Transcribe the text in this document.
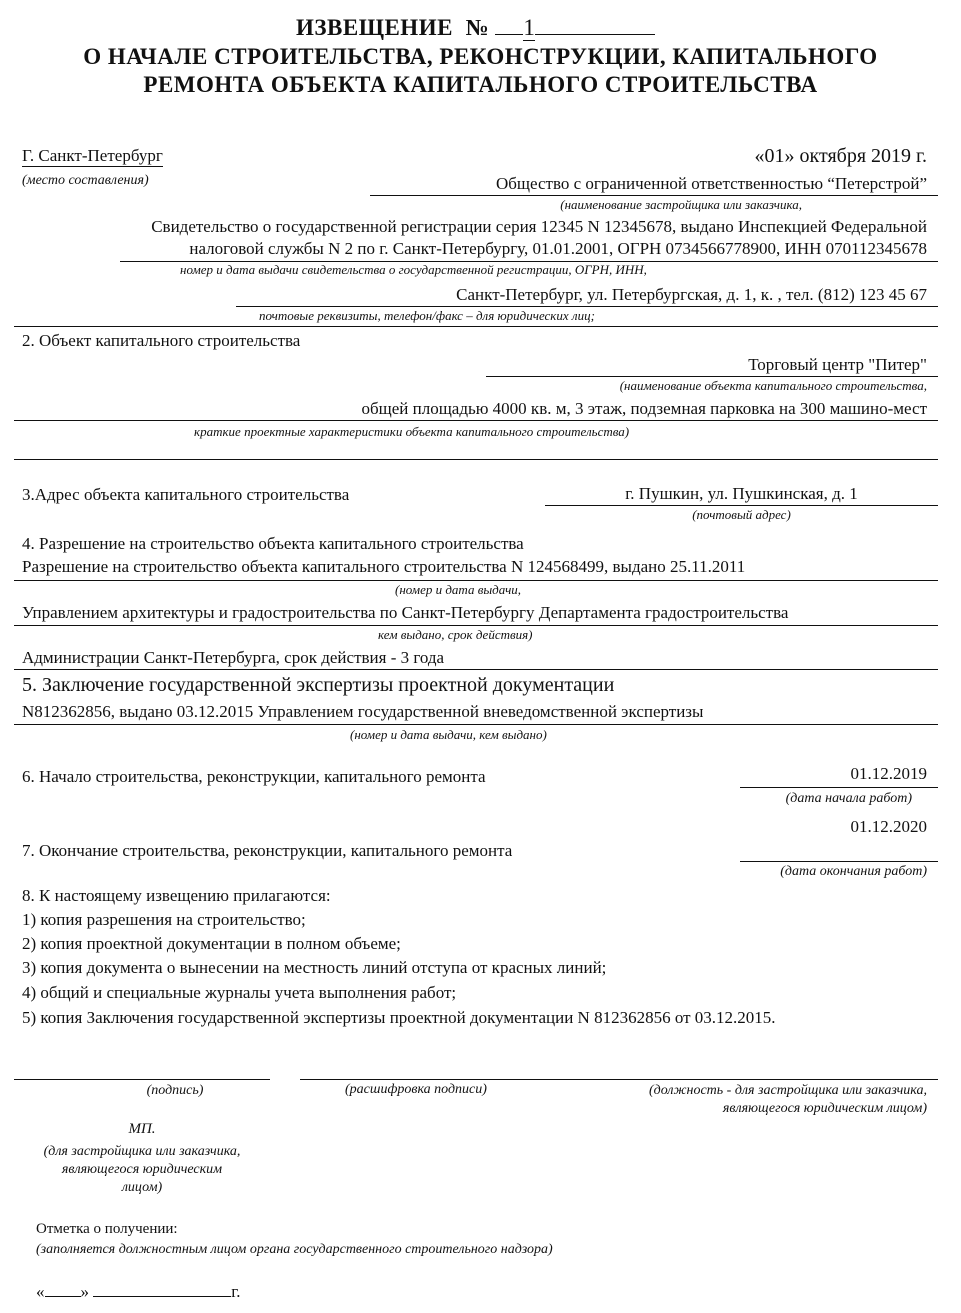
ИЗВЕЩЕНИЕ № 1
О НАЧАЛЕ СТРОИТЕЛЬСТВА, РЕКОНСТРУКЦИИ, КАПИТАЛЬНОГО
РЕМОНТА ОБЪЕКТА КАПИТАЛЬНОГО СТРОИТЕЛЬСТВА
Г. Санкт-Петербург
(место составления)
«01» октября 2019 г.
Общество с ограниченной ответственностью “Петерстрой”
(наименование застройщика или заказчика,
Свидетельство о государственной регистрации серия 12345 N 12345678, выдано Инспекцией Федеральной
налоговой службы N 2 по г. Санкт-Петербургу, 01.01.2001, ОГРН 0734566778900, ИНН 070112345678
номер и дата выдачи свидетельства о государственной регистрации, ОГРН, ИНН,
Санкт-Петербург, ул. Петербургская, д. 1, к. , тел. (812) 123 45 67
почтовые реквизиты, телефон/факс – для юридических лиц;
2. Объект капитального строительства
Торговый центр "Питер"
(наименование объекта капитального строительства,
общей площадью 4000 кв. м, 3 этаж, подземная парковка на 300 машино-мест
краткие проектные характеристики объекта капитального строительства)
3.Адрес объекта капитального строительства	г. Пушкин, ул. Пушкинская, д. 1
(почтовый адрес)
4. Разрешение на строительство объекта капитального строительства
Разрешение на строительство объекта капитального строительства N 124568499, выдано 25.11.2011
(номер и дата выдачи,
Управлением архитектуры и градостроительства по Санкт-Петербургу Департамента градостроительства
кем выдано, срок действия)
Администрации Санкт-Петербурга, срок действия - 3 года
5. Заключение государственной экспертизы проектной документации
N812362856, выдано 03.12.2015 Управлением государственной вневедомственной экспертизы
(номер и дата выдачи, кем выдано)
6. Начало строительства, реконструкции, капитального ремонта	01.12.2019
(дата начала работ)
01.12.2020
7. Окончание строительства, реконструкции, капитального ремонта
(дата окончания работ)
8. К настоящему извещению прилагаются:
1) копия разрешения на строительство;
2) копия проектной документации в полном объеме;
3) копия документа о вынесении на местность линий отступа от красных линий;
4) общий и специальные журналы учета выполнения работ;
5) копия Заключения государственной экспертизы проектной документации N 812362856 от 03.12.2015.
(подпись)	(расшифровка подписи)	(должность - для застройщика или заказчика,
являющегося юридическим лицом)
МП.
(для застройщика или заказчика,
являющегося юридическим
лицом)
Отметка о получении:
(заполняется должностным лицом органа государственного строительного надзора)
« »	г.
